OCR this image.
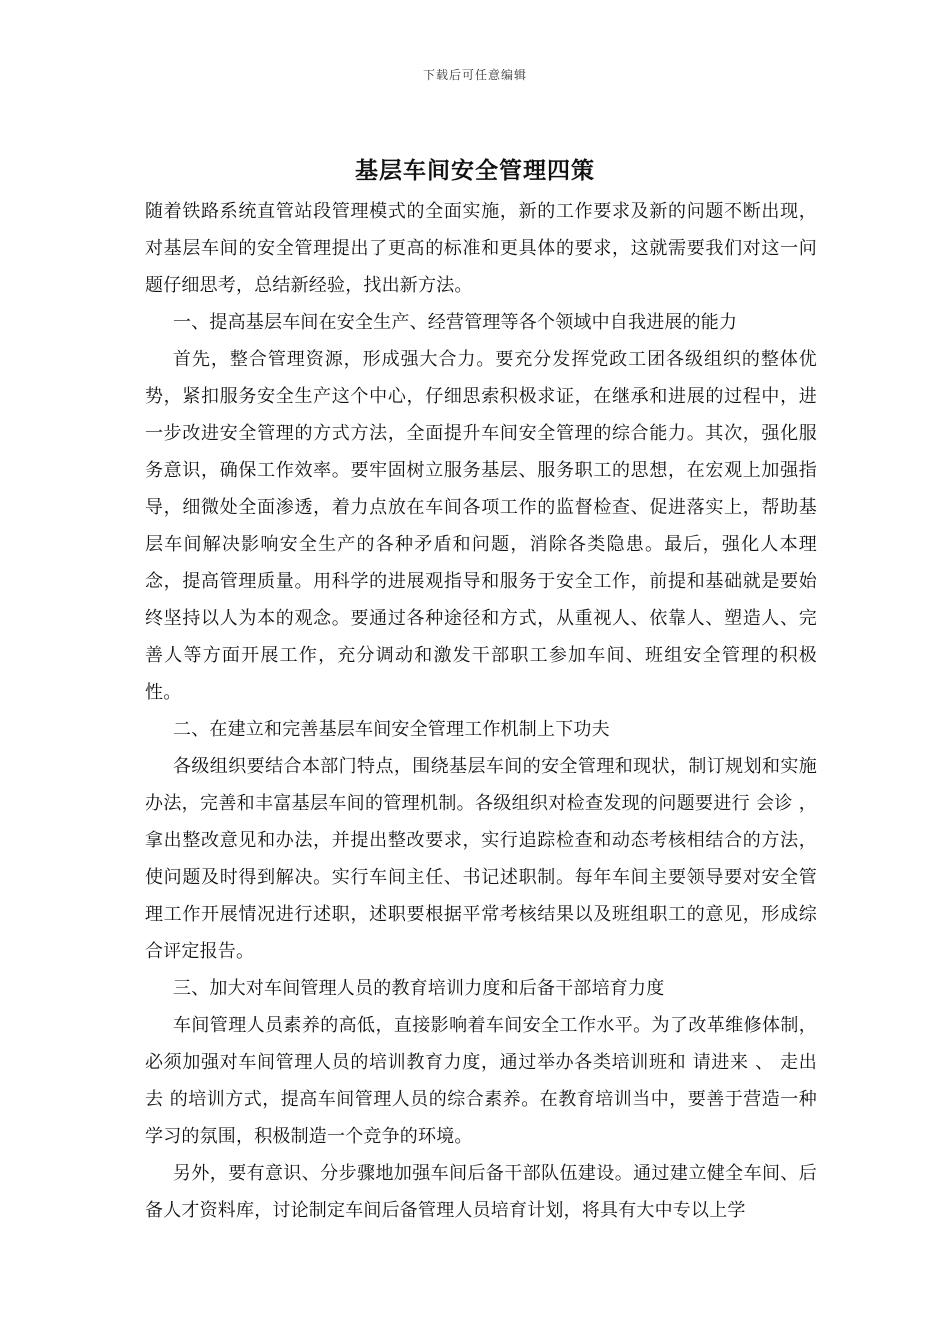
下载后可任意编辑
基层车间安全管理四策

随着铁路系统直管站段管理模式的全面实施，新的工作要求及新的问题不断出现，对基层车间的安全管理提出了更高的标准和更具体的要求，这就需要我们对这一问题仔细思考，总结新经验，找出新方法。

一、提高基层车间在安全生产、经营管理等各个领域中自我进展的能力

首先，整合管理资源，形成强大合力。要充分发挥党政工团各级组织的整体优势，紧扣服务安全生产这个中心，仔细思索积极求证，在继承和进展的过程中，进一步改进安全管理的方式方法，全面提升车间安全管理的综合能力。其次，强化服务意识，确保工作效率。要牢固树立服务基层、服务职工的思想，在宏观上加强指导，细微处全面渗透，着力点放在车间各项工作的监督检查、促进落实上，帮助基层车间解决影响安全生产的各种矛盾和问题，消除各类隐患。最后，强化人本理念，提高管理质量。用科学的进展观指导和服务于安全工作，前提和基础就是要始终坚持以人为本的观念。要通过各种途径和方式，从重视人、依靠人、塑造人、完善人等方面开展工作，充分调动和激发干部职工参加车间、班组安全管理的积极性。

二、在建立和完善基层车间安全管理工作机制上下功夫

各级组织要结合本部门特点，围绕基层车间的安全管理和现状，制订规划和实施办法，完善和丰富基层车间的管理机制。各级组织对检查发现的问题要进行 会诊 ，拿出整改意见和办法，并提出整改要求，实行追踪检查和动态考核相结合的方法，使问题及时得到解决。实行车间主任、书记述职制。每年车间主要领导要对安全管理工作开展情况进行述职，述职要根据平常考核结果以及班组职工的意见，形成综合评定报告。

三、加大对车间管理人员的教育培训力度和后备干部培育力度

车间管理人员素养的高低，直接影响着车间安全工作水平。为了改革维修体制，必须加强对车间管理人员的培训教育力度，通过举办各类培训班和 请进来 、 走出去 的培训方式，提高车间管理人员的综合素养。在教育培训当中，要善于营造一种学习的氛围，积极制造一个竞争的环境。

另外，要有意识、分步骤地加强车间后备干部队伍建设。通过建立健全车间、后备人才资料库，讨论制定车间后备管理人员培育计划，将具有大中专以上学
